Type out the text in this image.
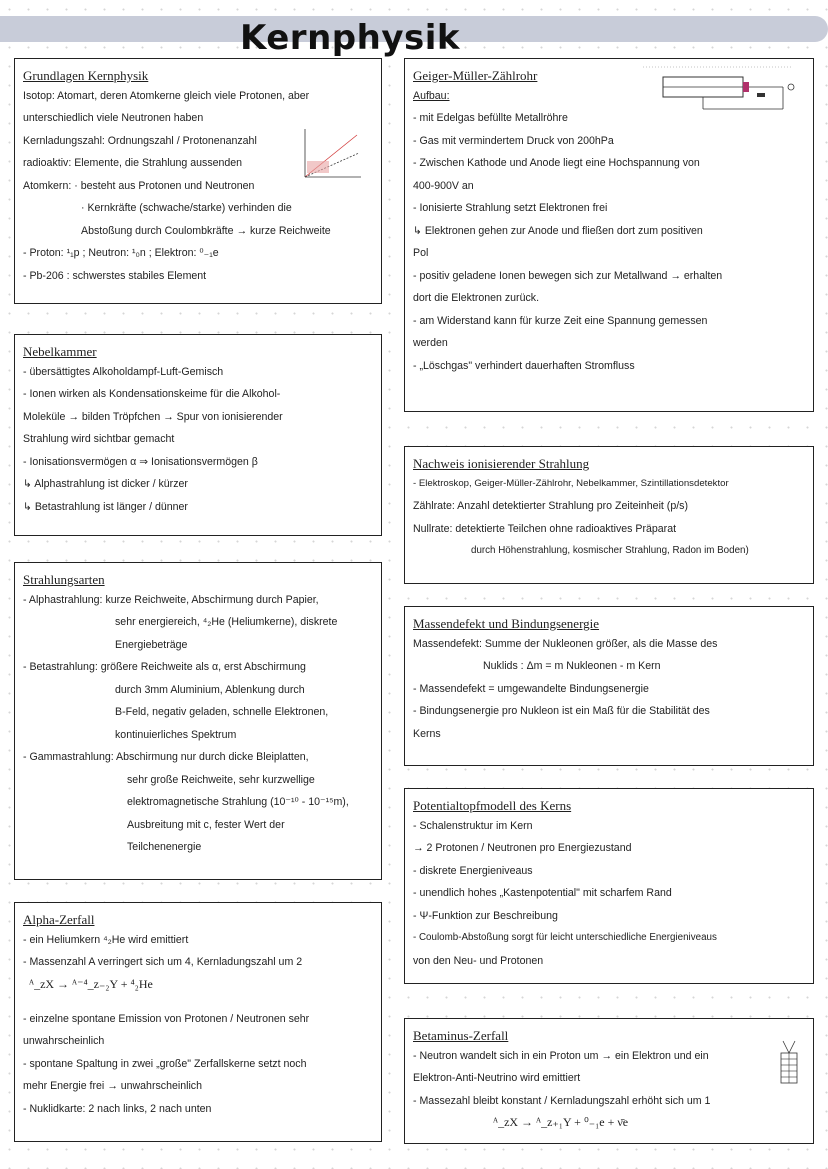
Kernphysik
Grundlagen Kernphysik
Isotop: Atomart, deren Atomkerne gleich viele Protonen, aber
unterschiedlich viele Neutronen haben
Kernladungszahl: Ordnungszahl / Protonenanzahl
radioaktiv: Elemente, die Strahlung aussenden
Atomkern: · besteht aus Protonen und Neutronen
· Kernkräfte (schwache/starke) verhinden die
Abstoßung durch Coulombkräfte → kurze Reichweite
- Proton: ¹₁p ; Neutron: ¹₀n ; Elektron: ⁰₋₁e
- Pb-206 : schwerstes stabiles Element
Geiger-Müller-Zählrohr
Aufbau:
- mit Edelgas befüllte Metallröhre
- Gas mit vermindertem Druck von 200hPa
- Zwischen Kathode und Anode liegt eine Hochspannung von
400-900V an
- Ionisierte Strahlung setzt Elektronen frei
↳ Elektronen gehen zur Anode und fließen dort zum positiven
Pol
- positiv geladene Ionen bewegen sich zur Metallwand → erhalten
dort die Elektronen zurück.
- am Widerstand kann für kurze Zeit eine Spannung gemessen
werden
- „Löschgas" verhindert dauerhaften Stromfluss
Nebelkammer
- übersättigtes Alkoholdampf-Luft-Gemisch
- Ionen wirken als Kondensationskeime für die Alkohol-
Moleküle → bilden Tröpfchen → Spur von ionisierender
Strahlung wird sichtbar gemacht
- Ionisationsvermögen α ⇒ Ionisationsvermögen β
↳ Alphastrahlung ist dicker / kürzer
↳ Betastrahlung ist länger / dünner
Nachweis ionisierender Strahlung
- Elektroskop, Geiger-Müller-Zählrohr, Nebelkammer, Szintillationsdetektor
Zählrate: Anzahl detektierter Strahlung pro Zeiteinheit (p/s)
Nullrate: detektierte Teilchen ohne radioaktives Präparat
durch Höhenstrahlung, kosmischer Strahlung, Radon im Boden)
Strahlungsarten
- Alphastrahlung: kurze Reichweite, Abschirmung durch Papier,
sehr energiereich, ⁴₂He (Heliumkerne), diskrete
Energiebeträge
- Betastrahlung: größere Reichweite als α, erst Abschirmung
durch 3mm Aluminium, Ablenkung durch
B-Feld, negativ geladen, schnelle Elektronen,
kontinuierliches Spektrum
- Gammastrahlung: Abschirmung nur durch dicke Bleiplatten,
sehr große Reichweite, sehr kurzwellige
elektromagnetische Strahlung (10⁻¹⁰ - 10⁻¹⁵m),
Ausbreitung mit c, fester Wert der
Teilchenenergie
Massendefekt und Bindungsenergie
Massendefekt: Summe der Nukleonen größer, als die Masse des
Nuklids : Δm = m Nukleonen - m Kern
- Massendefekt = umgewandelte Bindungsenergie
- Bindungsenergie pro Nukleon ist ein Maß für die Stabilität des
Kerns
Potentialtopfmodell des Kerns
- Schalenstruktur im Kern
→ 2 Protonen / Neutronen pro Energiezustand
- diskrete Energieniveaus
- unendlich hohes „Kastenpotential" mit scharfem Rand
- Ψ-Funktion zur Beschreibung
- Coulomb-Abstoßung sorgt für leicht unterschiedliche Energieniveaus
von den Neu- und Protonen
Alpha-Zerfall
- ein Heliumkern ⁴₂He wird emittiert
- Massenzahl A verringert sich um 4, Kernladungszahl um 2
ᴬ_ᴢX → ᴬ⁻⁴_ᴢ₋₂Y + ⁴₂He
- einzelne spontane Emission von Protonen / Neutronen sehr
unwahrscheinlich
- spontane Spaltung in zwei „große" Zerfallskerne setzt noch
mehr Energie frei → unwahrscheinlich
- Nuklidkarte: 2 nach links, 2 nach unten
Betaminus-Zerfall
- Neutron wandelt sich in ein Proton um → ein Elektron und ein
Elektron-Anti-Neutrino wird emittiert
- Massezahl bleibt konstant / Kernladungszahl erhöht sich um 1
ᴬ_ᴢX → ᴬ_ᴢ₊₁Y + ⁰₋₁e + ν̄e
